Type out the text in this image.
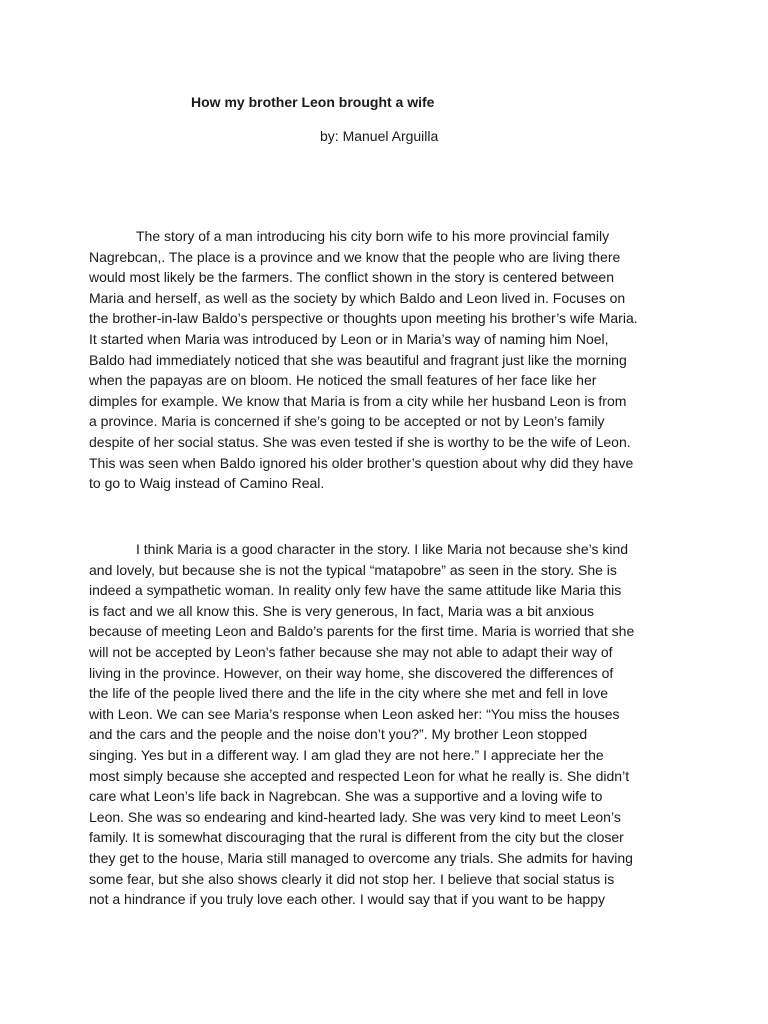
How my brother Leon brought a wife

by: Manuel Arguilla

The story of a man introducing his city born wife to his more provincial family
Nagrebcan,. The place is a province and we know that the people who are living there
would most likely be the farmers. The conflict shown in the story is centered between
Maria and herself, as well as the society by which Baldo and Leon lived in. Focuses on
the brother-in-law Baldo’s perspective or thoughts upon meeting his brother’s wife Maria.
It started when Maria was introduced by Leon or in Maria’s way of naming him Noel,
Baldo had immediately noticed that she was beautiful and fragrant just like the morning
when the papayas are on bloom. He noticed the small features of her face like her
dimples for example. We know that Maria is from a city while her husband Leon is from
a province. Maria is concerned if she’s going to be accepted or not by Leon’s family
despite of her social status. She was even tested if she is worthy to be the wife of Leon.
This was seen when Baldo ignored his older brother’s question about why did they have
to go to Waig instead of Camino Real.
I think Maria is a good character in the story. I like Maria not because she’s kind
and lovely, but because she is not the typical “matapobre” as seen in the story. She is
indeed a sympathetic woman. In reality only few have the same attitude like Maria this
is fact and we all know this. She is very generous, In fact, Maria was a bit anxious
because of meeting Leon and Baldo’s parents for the first time. Maria is worried that she
will not be accepted by Leon’s father because she may not able to adapt their way of
living in the province. However, on their way home, she discovered the differences of
the life of the people lived there and the life in the city where she met and fell in love
with Leon. We can see Maria’s response when Leon asked her: “You miss the houses
and the cars and the people and the noise don’t you?”. My brother Leon stopped
singing. Yes but in a different way. I am glad they are not here.” I appreciate her the
most simply because she accepted and respected Leon for what he really is. She didn’t
care what Leon’s life back in Nagrebcan. She was a supportive and a loving wife to
Leon. She was so endearing and kind-hearted lady. She was very kind to meet Leon’s
family. It is somewhat discouraging that the rural is different from the city but the closer
they get to the house, Maria still managed to overcome any trials. She admits for having
some fear, but she also shows clearly it did not stop her. I believe that social status is
not a hindrance if you truly love each other. I would say that if you want to be happy
